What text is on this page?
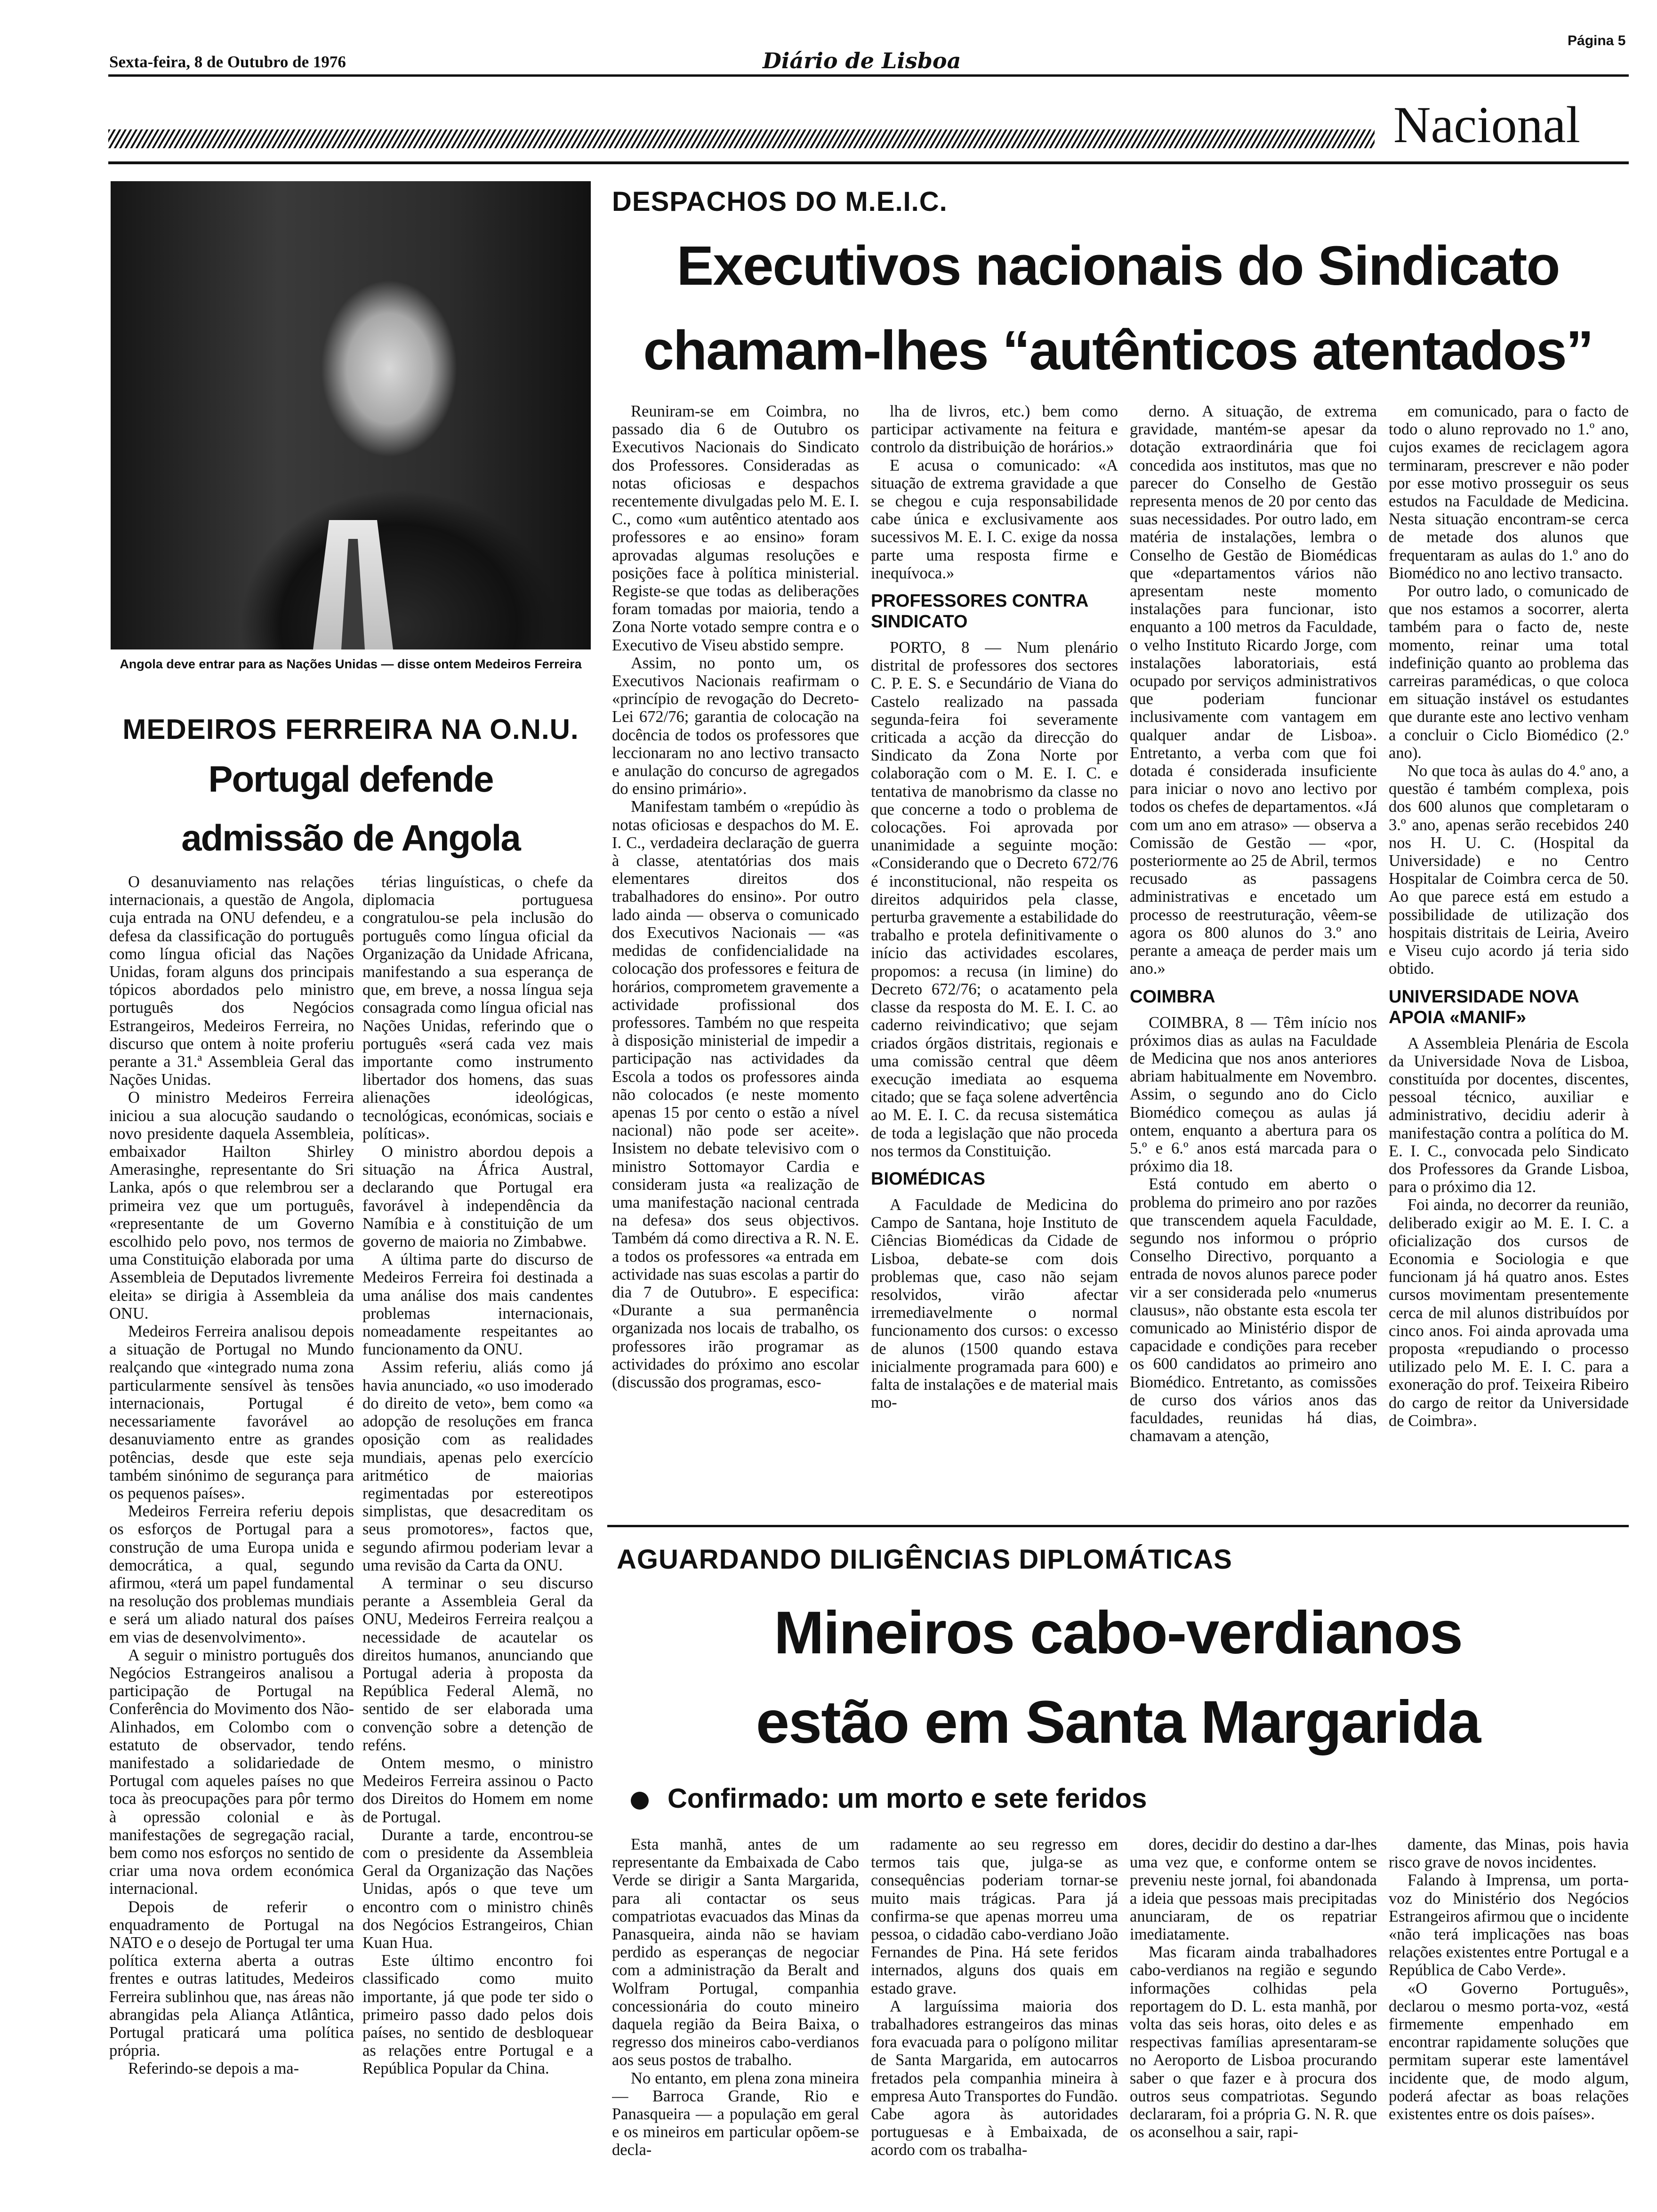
Sexta-feira, 8 de Outubro de 1976	Diário de Lisboa
Página 5
Nacional
Angola deve entrar para as Nações Unidas — disse ontem Medeiros Ferreira
MEDEIROS FERREIRA NA O.N.U.
Portugal defende
admissão de Angola

O desanuviamento nas relações internacionais, a questão de Angola, cuja entrada na ONU defendeu, e a defesa da classificação do português como língua oficial das Nações Unidas, foram alguns dos principais tópicos abordados pelo ministro português dos Negócios Estrangeiros, Medeiros Ferreira, no discurso que ontem à noite proferiu perante a 31.ª Assembleia Geral das Nações Unidas.

O ministro Medeiros Ferreira iniciou a sua alocução saudando o novo presidente daquela Assembleia, embaixador Hailton Shirley Amerasinghe, representante do Sri Lanka, após o que relembrou ser a primeira vez que um português, «representante de um Governo escolhido pelo povo, nos termos de uma Constituição elaborada por uma Assembleia de Deputados livremente eleita» se dirigia à Assembleia da ONU.

Medeiros Ferreira analisou depois a situação de Portugal no Mundo realçando que «integrado numa zona particularmente sensível às tensões internacionais, Portugal é necessariamente favorável ao desanuviamento entre as grandes potências, desde que este seja também sinónimo de segurança para os pequenos países».

Medeiros Ferreira referiu depois os esforços de Portugal para a construção de uma Europa unida e democrática, a qual, segundo afirmou, «terá um papel fundamental na resolução dos problemas mundiais e será um aliado natural dos países em vias de desenvolvimento».

A seguir o ministro português dos Negócios Estrangeiros analisou a participação de Portugal na Conferência do Movimento dos Não-Alinhados, em Colombo com o estatuto de observador, tendo manifestado a solidariedade de Portugal com aqueles países no que toca às preocupações para pôr termo à opressão colonial e às manifestações de segregação racial, bem como nos esforços no sentido de criar uma nova ordem económica internacional.

Depois de referir o enquadramento de Portugal na NATO e o desejo de Portugal ter uma política externa aberta a outras frentes e outras latitudes, Medeiros Ferreira sublinhou que, nas áreas não abrangidas pela Aliança Atlântica, Portugal praticará uma política própria.

Referindo-se depois a ma-

térias linguísticas, o chefe da diplomacia portuguesa congratulou-se pela inclusão do português como língua oficial da Organização da Unidade Africana, manifestando a sua esperança de que, em breve, a nossa língua seja consagrada como língua oficial nas Nações Unidas, referindo que o português «será cada vez mais importante como instrumento libertador dos homens, das suas alienações ideológicas, tecnológicas, económicas, sociais e políticas».

O ministro abordou depois a situação na África Austral, declarando que Portugal era favorável à independência da Namíbia e à constituição de um governo de maioria no Zimbabwe.

A última parte do discurso de Medeiros Ferreira foi destinada a uma análise dos mais candentes problemas internacionais, nomeadamente respeitantes ao funcionamento da ONU.

Assim referiu, aliás como já havia anunciado, «o uso imoderado do direito de veto», bem como «a adopção de resoluções em franca oposição com as realidades mundiais, apenas pelo exercício aritmético de maiorias regimentadas por estereotipos simplistas, que desacreditam os seus promotores», factos que, segundo afirmou poderiam levar a uma revisão da Carta da ONU.

A terminar o seu discurso perante a Assembleia Geral da ONU, Medeiros Ferreira realçou a necessidade de acautelar os direitos humanos, anunciando que Portugal aderia à proposta da República Federal Alemã, no sentido de ser elaborada uma convenção sobre a detenção de reféns.

Ontem mesmo, o ministro Medeiros Ferreira assinou o Pacto dos Direitos do Homem em nome de Portugal.

Durante a tarde, encontrou-se com o presidente da Assembleia Geral da Organização das Nações Unidas, após o que teve um encontro com o ministro chinês dos Negócios Estrangeiros, Chian Kuan Hua.

Este último encontro foi classificado como muito importante, já que pode ter sido o primeiro passo dado pelos dois países, no sentido de desbloquear as relações entre Portugal e a República Popular da China.

DESPACHOS DO M.E.I.C.
Executivos nacionais do Sindicato
chamam-lhes “autênticos atentados”

Reuniram-se em Coimbra, no passado dia 6 de Outubro os Executivos Nacionais do Sindicato dos Professores. Consideradas as notas oficiosas e despachos recentemente divulgadas pelo M. E. I. C., como «um autêntico atentado aos professores e ao ensino» foram aprovadas algumas resoluções e posições face à política ministerial. Registe-se que todas as deliberações foram tomadas por maioria, tendo a Zona Norte votado sempre contra e o Executivo de Viseu abstido sempre.

Assim, no ponto um, os Executivos Nacionais reafirmam o «princípio de revogação do Decreto-Lei 672/76; garantia de colocação na docência de todos os professores que leccionaram no ano lectivo transacto e anulação do concurso de agregados do ensino primário».

Manifestam também o «repúdio às notas oficiosas e despachos do M. E. I. C., verdadeira declaração de guerra à classe, atentatórias dos mais elementares direitos dos trabalhadores do ensino». Por outro lado ainda — observa o comunicado dos Executivos Nacionais — «as medidas de confidencialidade na colocação dos professores e feitura de horários, comprometem gravemente a actividade profissional dos professores. Também no que respeita à disposição ministerial de impedir a participação nas actividades da Escola a todos os professores ainda não colocados (e neste momento apenas 15 por cento o estão a nível nacional) não pode ser aceite». Insistem no debate televisivo com o ministro Sottomayor Cardia e consideram justa «a realização de uma manifestação nacional centrada na defesa» dos seus objectivos. Também dá como directiva a R. N. E. a todos os professores «a entrada em actividade nas suas escolas a partir do dia 7 de Outubro». E especifica: «Durante a sua permanência organizada nos locais de trabalho, os professores irão programar as actividades do próximo ano escolar (discussão dos programas, esco-

lha de livros, etc.) bem como participar activamente na feitura e controlo da distribuição de horários.»

E acusa o comunicado: «A situação de extrema gravidade a que se chegou e cuja responsabilidade cabe única e exclusivamente aos sucessivos M. E. I. C. exige da nossa parte uma resposta firme e inequívoca.»

PROFESSORES CONTRA SINDICATO

PORTO, 8 — Num plenário distrital de professores dos sectores C. P. E. S. e Secundário de Viana do Castelo realizado na passada segunda-feira foi severamente criticada a acção da direcção do Sindicato da Zona Norte por colaboração com o M. E. I. C. e tentativa de manobrismo da classe no que concerne a todo o problema de colocações. Foi aprovada por unanimidade a seguinte moção: «Considerando que o Decreto 672/76 é inconstitucional, não respeita os direitos adquiridos pela classe, perturba gravemente a estabilidade do trabalho e protela definitivamente o início das actividades escolares, propomos: a recusa (in limine) do Decreto 672/76; o acatamento pela classe da resposta do M. E. I. C. ao caderno reivindicativo; que sejam criados órgãos distritais, regionais e uma comissão central que dêem execução imediata ao esquema citado; que se faça solene advertência ao M. E. I. C. da recusa sistemática de toda a legislação que não proceda nos termos da Constituição.

BIOMÉDICAS

A Faculdade de Medicina do Campo de Santana, hoje Instituto de Ciências Biomédicas da Cidade de Lisboa, debate-se com dois problemas que, caso não sejam resolvidos, virão afectar irremediavelmente o normal funcionamento dos cursos: o excesso de alunos (1500 quando estava inicialmente programada para 600) e falta de instalações e de material mais mo-

derno. A situação, de extrema gravidade, mantém-se apesar da dotação extraordinária que foi concedida aos institutos, mas que no parecer do Conselho de Gestão representa menos de 20 por cento das suas necessidades. Por outro lado, em matéria de instalações, lembra o Conselho de Gestão de Biomédicas que «departamentos vários não apresentam neste momento instalações para funcionar, isto enquanto a 100 metros da Faculdade, o velho Instituto Ricardo Jorge, com instalações laboratoriais, está ocupado por serviços administrativos que poderiam funcionar inclusivamente com vantagem em qualquer andar de Lisboa». Entretanto, a verba com que foi dotada é considerada insuficiente para iniciar o novo ano lectivo por todos os chefes de departamentos. «Já com um ano em atraso» — observa a Comissão de Gestão — «por, posteriormente ao 25 de Abril, termos recusado as passagens administrativas e encetado um processo de reestruturação, vêem-se agora os 800 alunos do 3.º ano perante a ameaça de perder mais um ano.»

COIMBRA

COIMBRA, 8 — Têm início nos próximos dias as aulas na Faculdade de Medicina que nos anos anteriores abriam habitualmente em Novembro. Assim, o segundo ano do Ciclo Biomédico começou as aulas já ontem, enquanto a abertura para os 5.º e 6.º anos está marcada para o próximo dia 18.

Está contudo em aberto o problema do primeiro ano por razões que transcendem aquela Faculdade, segundo nos informou o próprio Conselho Directivo, porquanto a entrada de novos alunos parece poder vir a ser considerada pelo «numerus clausus», não obstante esta escola ter comunicado ao Ministério dispor de capacidade e condições para receber os 600 candidatos ao primeiro ano Biomédico. Entretanto, as comissões de curso dos vários anos das faculdades, reunidas há dias, chamavam a atenção,

em comunicado, para o facto de todo o aluno reprovado no 1.º ano, cujos exames de reciclagem agora terminaram, prescrever e não poder por esse motivo prosseguir os seus estudos na Faculdade de Medicina. Nesta situação encontram-se cerca de metade dos alunos que frequentaram as aulas do 1.º ano do Biomédico no ano lectivo transacto.

Por outro lado, o comunicado de que nos estamos a socorrer, alerta também para o facto de, neste momento, reinar uma total indefinição quanto ao problema das carreiras paramédicas, o que coloca em situação instável os estudantes que durante este ano lectivo venham a concluir o Ciclo Biomédico (2.º ano).

No que toca às aulas do 4.º ano, a questão é também complexa, pois dos 600 alunos que completaram o 3.º ano, apenas serão recebidos 240 nos H. U. C. (Hospital da Universidade) e no Centro Hospitalar de Coimbra cerca de 50. Ao que parece está em estudo a possibilidade de utilização dos hospitais distritais de Leiria, Aveiro e Viseu cujo acordo já teria sido obtido.

UNIVERSIDADE NOVA APOIA «MANIF»

A Assembleia Plenária de Escola da Universidade Nova de Lisboa, constituída por docentes, discentes, pessoal técnico, auxiliar e administrativo, decidiu aderir à manifestação contra a política do M. E. I. C., convocada pelo Sindicato dos Professores da Grande Lisboa, para o próximo dia 12.

Foi ainda, no decorrer da reunião, deliberado exigir ao M. E. I. C. a oficialização dos cursos de Economia e Sociologia e que funcionam já há quatro anos. Estes cursos movimentam presentemente cerca de mil alunos distribuídos por cinco anos. Foi ainda aprovada uma proposta «repudiando o processo utilizado pelo M. E. I. C. para a exoneração do prof. Teixeira Ribeiro do cargo de reitor da Universidade de Coimbra».

AGUARDANDO DILIGÊNCIAS DIPLOMÁTICAS
Mineiros cabo-verdianos
estão em Santa Margarida
Confirmado: um morto e sete feridos

Esta manhã, antes de um representante da Embaixada de Cabo Verde se dirigir a Santa Margarida, para ali contactar os seus compatriotas evacuados das Minas da Panasqueira, ainda não se haviam perdido as esperanças de negociar com a administração da Beralt and Wolfram Portugal, companhia concessionária do couto mineiro daquela região da Beira Baixa, o regresso dos mineiros cabo-verdianos aos seus postos de trabalho.

No entanto, em plena zona mineira — Barroca Grande, Rio e Panasqueira — a população em geral e os mineiros em particular opõem-se decla-

radamente ao seu regresso em termos tais que, julga-se as consequências poderiam tornar-se muito mais trágicas. Para já confirma-se que apenas morreu uma pessoa, o cidadão cabo-verdiano João Fernandes de Pina. Há sete feridos internados, alguns dos quais em estado grave.

A larguíssima maioria dos trabalhadores estrangeiros das minas fora evacuada para o polígono militar de Santa Margarida, em autocarros fretados pela companhia mineira à empresa Auto Transportes do Fundão. Cabe agora às autoridades portuguesas e à Embaixada, de acordo com os trabalha-

dores, decidir do destino a dar-lhes uma vez que, e conforme ontem se preveniu neste jornal, foi abandonada a ideia que pessoas mais precipitadas anunciaram, de os repatriar imediatamente.

Mas ficaram ainda trabalhadores cabo-verdianos na região e segundo informações colhidas pela reportagem do D. L. esta manhã, por volta das seis horas, oito deles e as respectivas famílias apresentaram-se no Aeroporto de Lisboa procurando saber o que fazer e à procura dos outros seus compatriotas. Segundo declararam, foi a própria G. N. R. que os aconselhou a sair, rapi-

damente, das Minas, pois havia risco grave de novos incidentes.

Falando à Imprensa, um porta-voz do Ministério dos Negócios Estrangeiros afirmou que o incidente «não terá implicações nas boas relações existentes entre Portugal e a República de Cabo Verde».

«O Governo Português», declarou o mesmo porta-voz, «está firmemente empenhado em encontrar rapidamente soluções que permitam superar este lamentável incidente que, de modo algum, poderá afectar as boas relações existentes entre os dois países».
